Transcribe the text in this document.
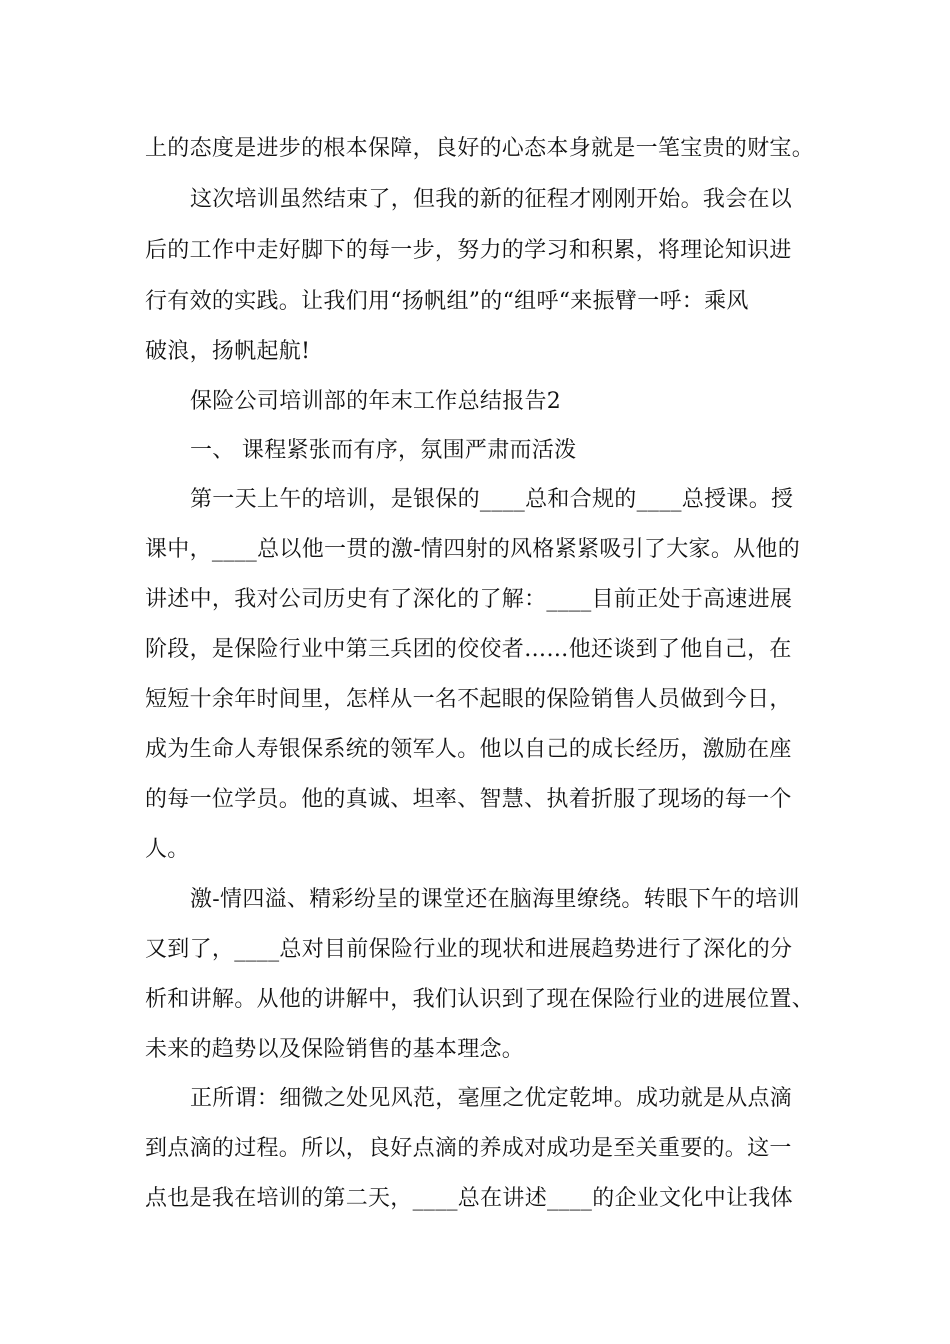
上的态度是进步的根本保障，良好的心态本身就是一笔宝贵的财宝。
这次培训虽然结束了，但我的新的征程才刚刚开始。我会在以
后的工作中走好脚下的每一步，努力的学习和积累，将理论知识进
行有效的实践。让我们用“扬帆组”的“组呼“来振臂一呼：乘风
破浪，扬帆起航!
保险公司培训部的年末工作总结报告2
一、 课程紧张而有序，氛围严肃而活泼
第一天上午的培训，是银保的____总和合规的____总授课。授
课中，____总以他一贯的激-情四射的风格紧紧吸引了大家。从他的
讲述中，我对公司历史有了深化的了解：____目前正处于高速进展
阶段，是保险行业中第三兵团的佼佼者……他还谈到了他自己，在
短短十余年时间里，怎样从一名不起眼的保险销售人员做到今日，
成为生命人寿银保系统的领军人。他以自己的成长经历，激励在座
的每一位学员。他的真诚、坦率、智慧、执着折服了现场的每一个
人。
激-情四溢、精彩纷呈的课堂还在脑海里缭绕。转眼下午的培训
又到了，____总对目前保险行业的现状和进展趋势进行了深化的分
析和讲解。从他的讲解中，我们认识到了现在保险行业的进展位置、
未来的趋势以及保险销售的基本理念。
正所谓：细微之处见风范，毫厘之优定乾坤。成功就是从点滴
到点滴的过程。所以，良好点滴的养成对成功是至关重要的。这一
点也是我在培训的第二天，____总在讲述____的企业文化中让我体
